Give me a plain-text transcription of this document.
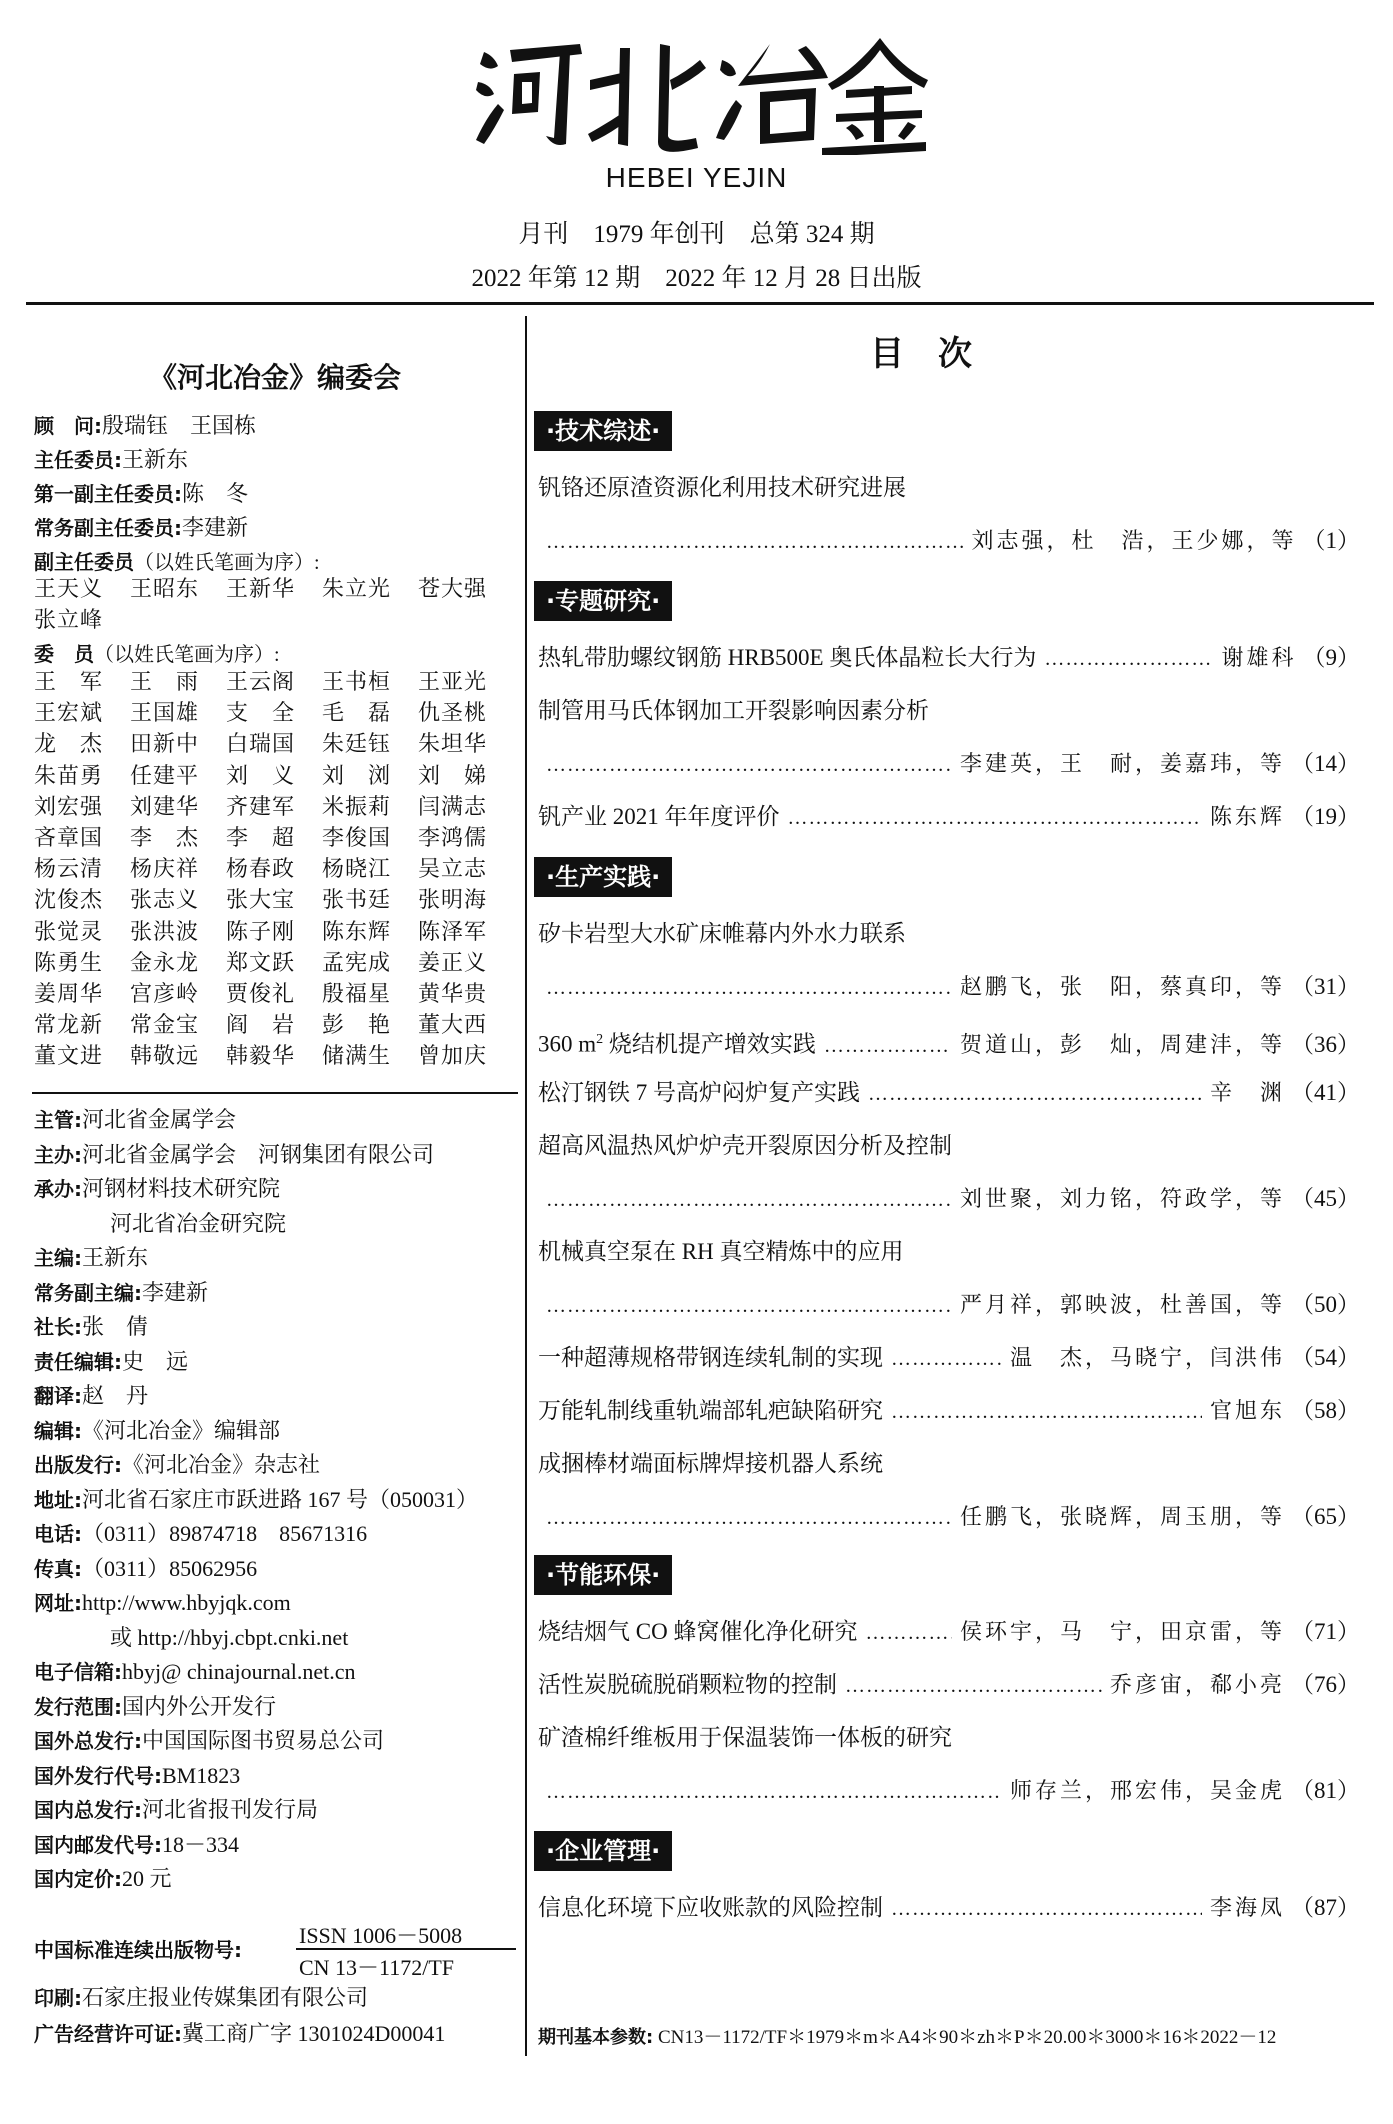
HEBEI YEJIN
月刊　1979 年创刊　总第 324 期
2022 年第 12 期　2022 年 12 月 28 日出版
《河北冶金》编委会
顾　问:殷瑞钰　王国栋
主任委员:王新东
第一副主任委员:陈　冬
常务副主任委员:李建新
副主任委员（以姓氏笔画为序）:
王天义	王昭东	王新华	朱立光	苍大强
张立峰
委　员（以姓氏笔画为序）:
王　军	王　雨	王云阁	王书桓	王亚光
王宏斌	王国雄	支　全	毛　磊	仇圣桃
龙　杰	田新中	白瑞国	朱廷钰	朱坦华
朱苗勇	任建平	刘　义	刘　浏	刘　娣
刘宏强	刘建华	齐建军	米振莉	闫满志
吝章国	李　杰	李　超	李俊国	李鸿儒
杨云清	杨庆祥	杨春政	杨晓江	吴立志
沈俊杰	张志义	张大宝	张书廷	张明海
张觉灵	张洪波	陈子刚	陈东辉	陈泽军
陈勇生	金永龙	郑文跃	孟宪成	姜正义
姜周华	宫彦岭	贾俊礼	殷福星	黄华贵
常龙新	常金宝	阎　岩	彭　艳	董大西
董文进	韩敬远	韩毅华	储满生	曾加庆
主管:河北省金属学会
主办:河北省金属学会　河钢集团有限公司
承办:河钢材料技术研究院
河北省冶金研究院
主编:王新东
常务副主编:李建新
社长:张　倩
责任编辑:史　远
翻译:赵　丹
编辑:《河北冶金》编辑部
出版发行:《河北冶金》杂志社
地址:河北省石家庄市跃进路 167 号（050031）
电话:（0311）89874718　85671316
传真:（0311）85062956
网址:http://www.hbyjqk.com
或 http://hbyj.cbpt.cnki.net
电子信箱:hbyj@ chinajournal.net.cn
发行范围:国内外公开发行
国外总发行:中国国际图书贸易总公司
国外发行代号:BM1823
国内总发行:河北省报刊发行局
国内邮发代号:18－334
国内定价:20 元
中国标准连续出版物号:
ISSN 1006－5008
CN 13－1172/TF
印刷:石家庄报业传媒集团有限公司
广告经营许可证:冀工商广字 1301024D00041
目　次
·技术综述·
钒铬还原渣资源化利用技术研究进展
……………………………………………………………………………………………………………………………………………………
刘志强，杜　浩，王少娜，等 （1）
·专题研究·
热轧带肋螺纹钢筋 HRB500E 奥氏体晶粒长大行为 ……………………………………………………………………………………………………………………………………………………	谢雄科 （9）
制管用马氏体钢加工开裂影响因素分析
……………………………………………………………………………………………………………………………………………………
李建英，王　耐，姜嘉玮，等 （14）
钒产业 2021 年年度评价 ……………………………………………………………………………………………………………………………………………………	陈东辉 （19）
·生产实践·
矽卡岩型大水矿床帷幕内外水力联系
……………………………………………………………………………………………………………………………………………………
赵鹏飞，张　阳，蔡真印，等 （31）
360 $m^2$ 烧结机提产增效实践 ……………………………………………………………………………………………………………………………………………………	贺道山，彭　灿，周建沣，等 （36）
松汀钢铁 7 号高炉闷炉复产实践 ……………………………………………………………………………………………………………………………………………………	辛　渊 （41）
超高风温热风炉炉壳开裂原因分析及控制
……………………………………………………………………………………………………………………………………………………
刘世聚，刘力铭，符政学，等 （45）
机械真空泵在 RH 真空精炼中的应用
……………………………………………………………………………………………………………………………………………………
严月祥，郭映波，杜善国，等 （50）
一种超薄规格带钢连续轧制的实现 ……………………………………………………………………………………………………………………………………………………	温　杰，马晓宁，闫洪伟 （54）
万能轧制线重轨端部轧疤缺陷研究 ……………………………………………………………………………………………………………………………………………………	官旭东 （58）
成捆棒材端面标牌焊接机器人系统
……………………………………………………………………………………………………………………………………………………
任鹏飞，张晓辉，周玉朋，等 （65）
·节能环保·
烧结烟气 CO 蜂窝催化净化研究 ……………………………………………………………………………………………………………………………………………………	侯环宇，马　宁，田京雷，等 （71）
活性炭脱硫脱硝颗粒物的控制 ……………………………………………………………………………………………………………………………………………………	乔彦宙，郗小亮 （76）
矿渣棉纤维板用于保温装饰一体板的研究
……………………………………………………………………………………………………………………………………………………
师存兰，邢宏伟，吴金虎 （81）
·企业管理·
信息化环境下应收账款的风险控制 ……………………………………………………………………………………………………………………………………………………	李海凤 （87）
期刊基本参数: CN13－1172/TF＊1979＊m＊A4＊90＊zh＊P＊20.00＊3000＊16＊2022－12
